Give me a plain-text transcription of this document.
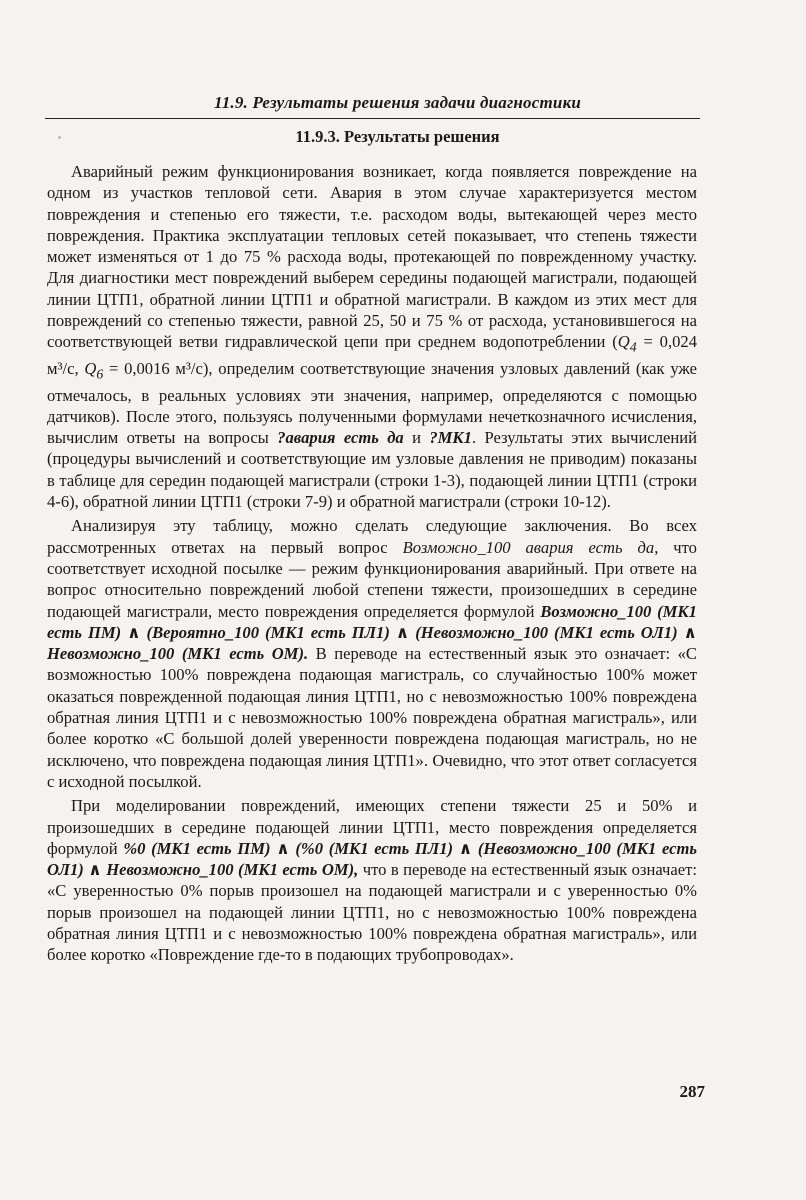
11.9. Результаты решения задачи диагностики
11.9.3. Результаты решения

Аварийный режим функционирования возникает, когда появляется повреждение на одном из участков тепловой сети. Авария в этом случае характеризуется местом повреждения и степенью его тяжести, т.е. расходом воды, вытекающей через место повреждения. Практика эксплуатации тепловых сетей показывает, что степень тяжести может изменяться от 1 до 75 % расхода воды, протекающей по поврежденному участку. Для диагностики мест повреждений выберем середины подающей магистрали, подающей линии ЦТП1, обратной линии ЦТП1 и обратной магистрали. В каждом из этих мест для повреждений со степенью тяжести, равной 25, 50 и 75 % от расхода, установившегося на соответствующей ветви гидравлической цепи при среднем водопотреблении ($Q_4 = 0,024$ м³/с, $Q_6 = 0,0016$ м³/с), определим соответствующие значения узловых давлений (как уже отмечалось, в реальных условиях эти значения, например, определяются с помощью датчиков). После этого, пользуясь полученными формулами нечеткозначного исчисления, вычислим ответы на вопросы ?авария есть да и ?МК1. Результаты этих вычислений (процедуры вычислений и соответствующие им узловые давления не приводим) показаны в таблице для середин подающей магистрали (строки 1-3), подающей линии ЦТП1 (строки 4-6), обратной линии ЦТП1 (строки 7-9) и обратной магистрали (строки 10-12).

Анализируя эту таблицу, можно сделать следующие заключения. Во всех рассмотренных ответах на первый вопрос Возможно_100 авария есть да, что соответствует исходной посылке — режим функционирования аварийный. При ответе на вопрос относительно повреждений любой степени тяжести, произошедших в середине подающей магистрали, место повреждения определяется формулой Возможно_100 (МК1 есть ПМ) ∧ (Вероятно_100 (МК1 есть ПЛ1) ∧ (Невозможно_100 (МК1 есть ОЛ1) ∧ Невозможно_100 (МК1 есть ОМ). В переводе на естественный язык это означает: «С возможностью 100% повреждена подающая магистраль, со случайностью 100% может оказаться поврежденной подающая линия ЦТП1, но с невозможностью 100% повреждена обратная линия ЦТП1 и с невозможностью 100% повреждена обратная магистраль», или более коротко «С большой долей уверенности повреждена подающая магистраль, но не исключено, что повреждена подающая линия ЦТП1». Очевидно, что этот ответ согласуется с исходной посылкой.

При моделировании повреждений, имеющих степени тяжести 25 и 50% и произошедших в середине подающей линии ЦТП1, место повреждения определяется формулой %0 (МК1 есть ПМ) ∧ (%0 (МК1 есть ПЛ1) ∧ (Невозможно_100 (МК1 есть ОЛ1) ∧ Невозможно_100 (МК1 есть ОМ), что в переводе на естественный язык означает: «С уверенностью 0% порыв произошел на подающей магистрали и с уверенностью 0% порыв произошел на подающей линии ЦТП1, но с невозможностью 100% повреждена обратная линия ЦТП1 и с невозможностью 100% повреждена обратная магистраль», или более коротко «Повреждение где-то в подающих трубопроводах».

287
